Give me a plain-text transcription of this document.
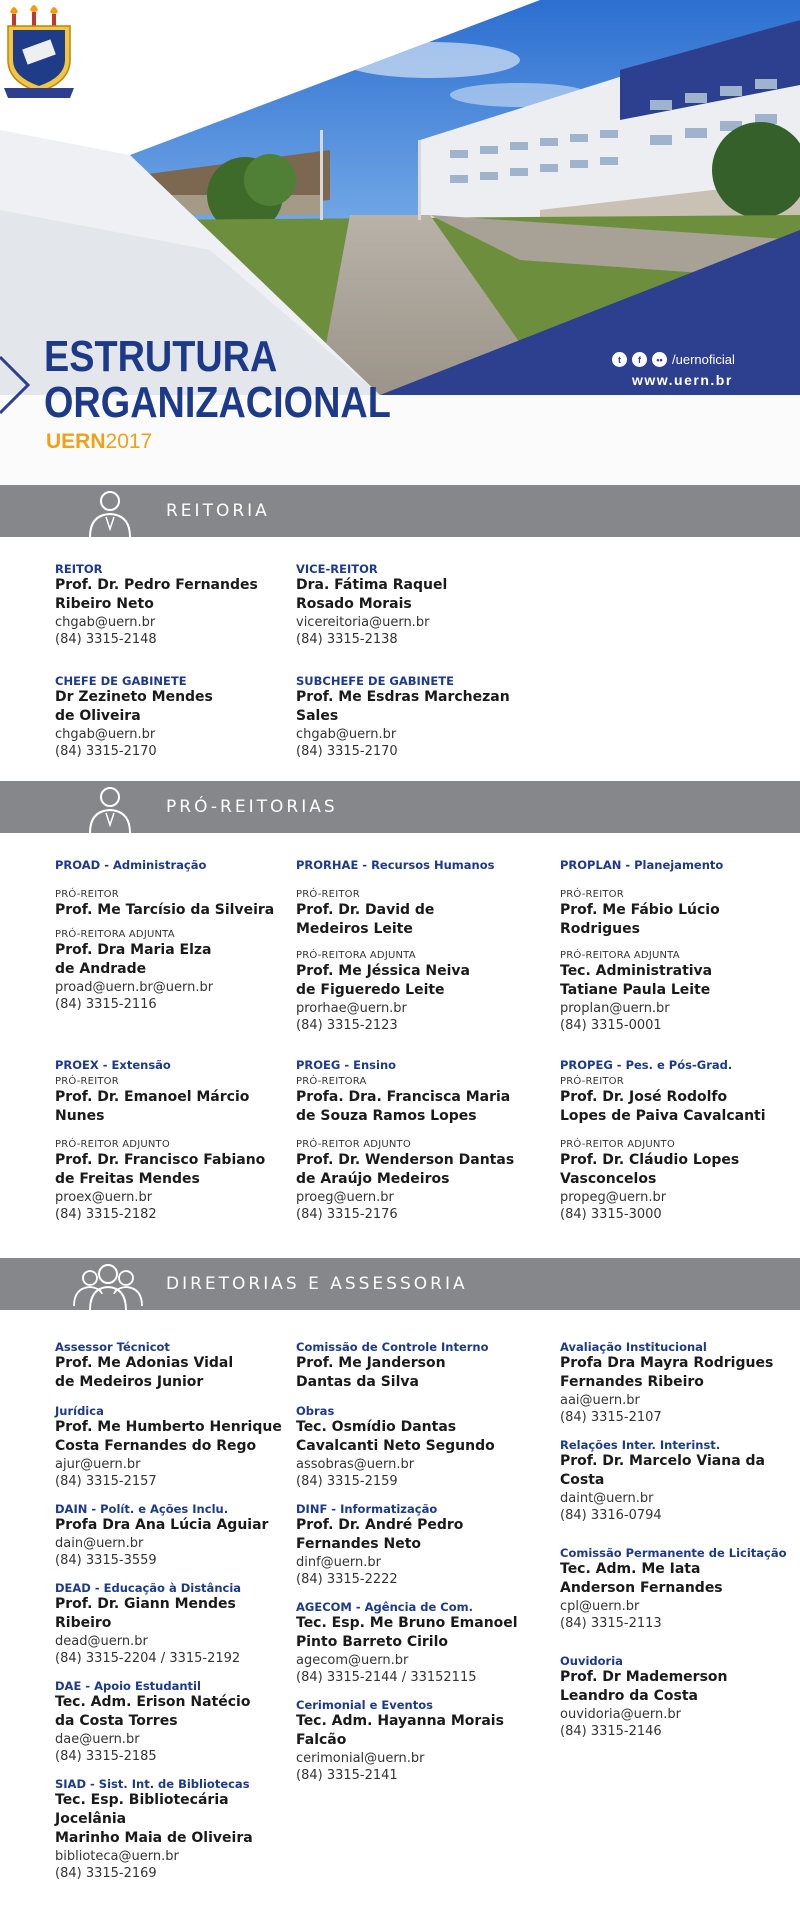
ESTRUTURA
ORGANIZACIONAL
UERN2017
t	f	•• /uernoficial
www.uern.br
REITORIA
REITOR
Prof. Dr. Pedro Fernandes
Ribeiro Neto
chgab@uern.br
(84) 3315-2148
VICE-REITOR
Dra. Fátima Raquel
Rosado Morais
vicereitoria@uern.br
(84) 3315-2138
CHEFE DE GABINETE
Dr Zezineto Mendes
de Oliveira
chgab@uern.br
(84) 3315-2170
SUBCHEFE DE GABINETE
Prof. Me Esdras Marchezan
Sales
chgab@uern.br
(84) 3315-2170
PRÓ-REITORIAS
PROAD - Administração
PRÓ-REITOR
Prof. Me Tarcísio da Silveira
PRÓ-REITORA ADJUNTA
Prof. Dra Maria Elza
de Andrade
proad@uern.br@uern.br
(84) 3315-2116
PRORHAE - Recursos Humanos
PRÓ-REITOR
Prof. Dr. David de
Medeiros Leite
PRÓ-REITORA ADJUNTA
Prof. Me Jéssica Neiva
de Figueredo Leite
prorhae@uern.br
(84) 3315-2123
PROPLAN - Planejamento
PRÓ-REITOR
Prof. Me Fábio Lúcio
Rodrigues
PRÓ-REITORA ADJUNTA
Tec. Administrativa
Tatiane Paula Leite
proplan@uern.br
(84) 3315-0001
PROEX - Extensão
PRÓ-REITOR
Prof. Dr. Emanoel Márcio
Nunes
PRÓ-REITOR ADJUNTO
Prof. Dr. Francisco Fabiano
de Freitas Mendes
proex@uern.br
(84) 3315-2182
PROEG - Ensino
PRÓ-REITORA
Profa. Dra. Francisca Maria
de Souza Ramos Lopes
PRÓ-REITOR ADJUNTO
Prof. Dr. Wenderson Dantas
de Araújo Medeiros
proeg@uern.br
(84) 3315-2176
PROPEG - Pes. e Pós-Grad.
PRÓ-REITOR
Prof. Dr. José Rodolfo
Lopes de Paiva Cavalcanti
PRÓ-REITOR ADJUNTO
Prof. Dr. Cláudio Lopes
Vasconcelos
propeg@uern.br
(84) 3315-3000
DIRETORIAS E ASSESSORIA
Assessor Técnicot
Prof. Me Adonias Vidal
de Medeiros Junior
Jurídica
Prof. Me Humberto Henrique
Costa Fernandes do Rego
ajur@uern.br
(84) 3315-2157
DAIN - Polít. e Ações Inclu.
Profa Dra Ana Lúcia Aguiar
dain@uern.br
(84) 3315-3559
DEAD - Educação à Distância
Prof. Dr. Giann Mendes Ribeiro
dead@uern.br
(84) 3315-2204 / 3315-2192
DAE - Apoio Estudantil
Tec. Adm. Erison Natécio
da Costa Torres
dae@uern.br
(84) 3315-2185
SIAD - Sist. Int. de Bibliotecas
Tec. Esp. Bibliotecária Jocelânia
Marinho Maia de Oliveira
biblioteca@uern.br
(84) 3315-2169
Comissão de Controle Interno
Prof. Me Janderson
Dantas da Silva
Obras
Tec. Osmídio Dantas
Cavalcanti Neto Segundo
assobras@uern.br
(84) 3315-2159
DINF - Informatização
Prof. Dr. André Pedro
Fernandes Neto
dinf@uern.br
(84) 3315-2222
AGECOM - Agência de Com.
Tec. Esp. Me Bruno Emanoel
Pinto Barreto Cirilo
agecom@uern.br
(84) 3315-2144 / 33152115
Cerimonial e Eventos
Tec. Adm. Hayanna Morais Falcão
cerimonial@uern.br
(84) 3315-2141
Avaliação Institucional
Profa Dra Mayra Rodrigues
Fernandes Ribeiro
aai@uern.br
(84) 3315-2107
Relações Inter. Interinst.
Prof. Dr. Marcelo Viana da Costa
daint@uern.br
(84) 3316-0794
Comissão Permanente de Licitação
Tec. Adm. Me Iata
Anderson Fernandes
cpl@uern.br
(84) 3315-2113
Ouvidoria
Prof. Dr Mademerson
Leandro da Costa
ouvidoria@uern.br
(84) 3315-2146
